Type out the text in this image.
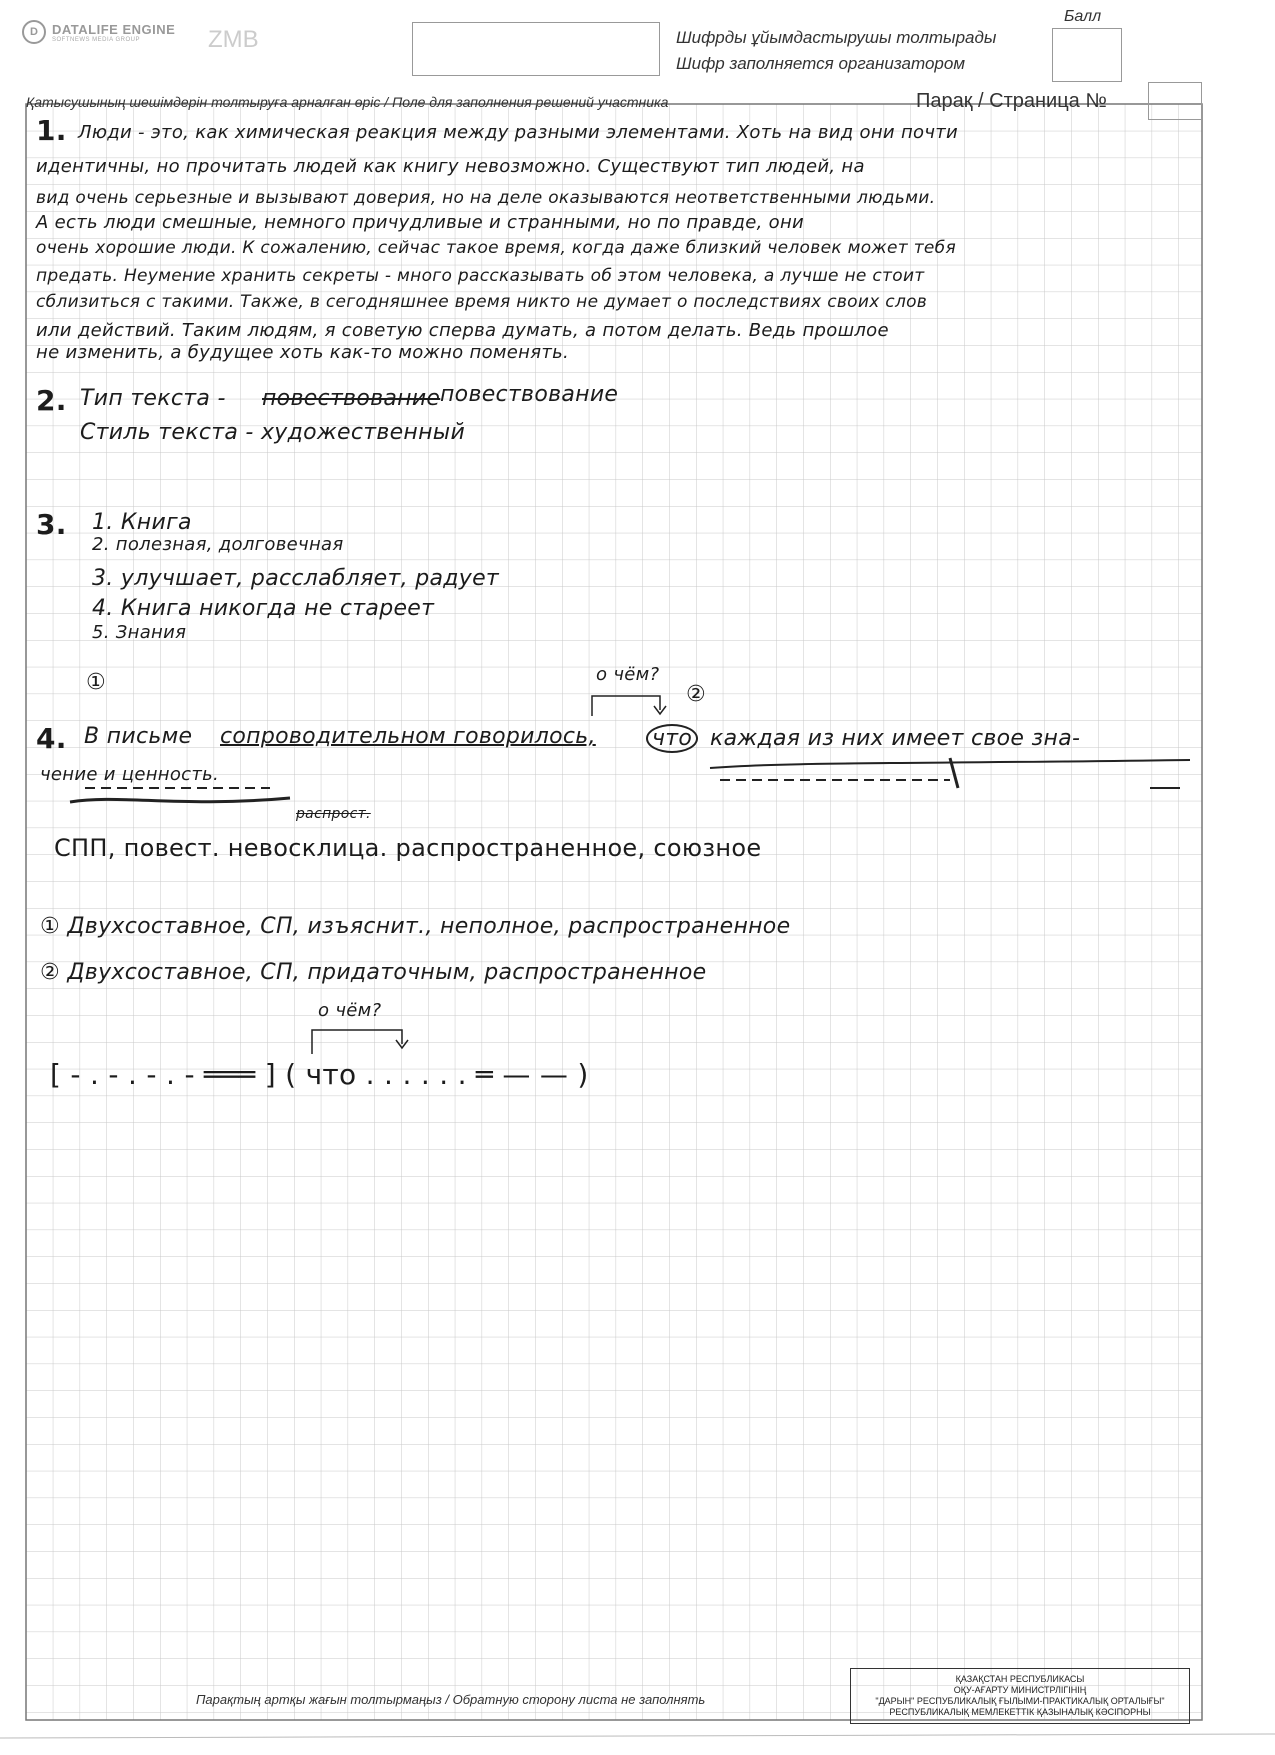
D	DATALIFE ENGINE
SOFTNEWS MEDIA GROUP	ZMB	Шифрды ұйымдастырушы толтырады
Шифр заполняется организатором
Балл
Қатысушының шешімдерін толтыруға арналған өріс / Поле для заполнения решений участника	Парақ / Страница №
1. Люди - это, как химическая реакция между разными элементами. Хоть на вид они почти
идентичны, но прочитать людей как книгу невозможно. Существуют тип людей, на
вид очень серьезные и вызывают доверия, но на деле оказываются неответственными людьми.
А есть люди смешные, немного причудливые и странными, но по правде, они
очень хорошие люди. К сожалению, сейчас такое время, когда даже близкий человек может тебя
предать. Неумение хранить секреты - много рассказывать об этом человека, а лучше не стоит
сблизиться с такими. Также, в сегодняшнее время никто не думает о последствиях своих слов
или действий. Таким людям, я советую сперва думать, а потом делать. Ведь прошлое
не изменить, а будущее хоть как-то можно поменять.
2. Тип текста - повествование повествование
Стиль текста - художественный
3. 1. Книга
2. полезная, долговечная
3. улучшает, расслабляет, радует
4. Книга никогда не стареет
5. Знания
①	о чём?
②
4. В письме сопроводительном говорилось,	что каждая из них имеет свое зна-
чение и ценность.
СПП, повест. невосклица. распространенное, союзное
распрост.
① Двухсоставное, СП, изъяснит., неполное, распространенное
② Двухсоставное, СП, придаточным, распространенное
о чём?
[ - . - . - . - ═══ ] ( что . . . . . . ═ — — )
Парақтың артқы жағын толтырмаңыз / Обратную сторону листа не заполнять
ҚАЗАҚСТАН РЕСПУБЛИКАСЫ
ОҚУ-АҒАРТУ МИНИСТРЛІГІНІҢ
"ДАРЫН" РЕСПУБЛИКАЛЫҚ ҒЫЛЫМИ-ПРАКТИКАЛЫҚ ОРТАЛЫҒЫ"
РЕСПУБЛИКАЛЫҚ МЕМЛЕКЕТТІК ҚАЗЫНАЛЫҚ КӘСІПОРНЫ
